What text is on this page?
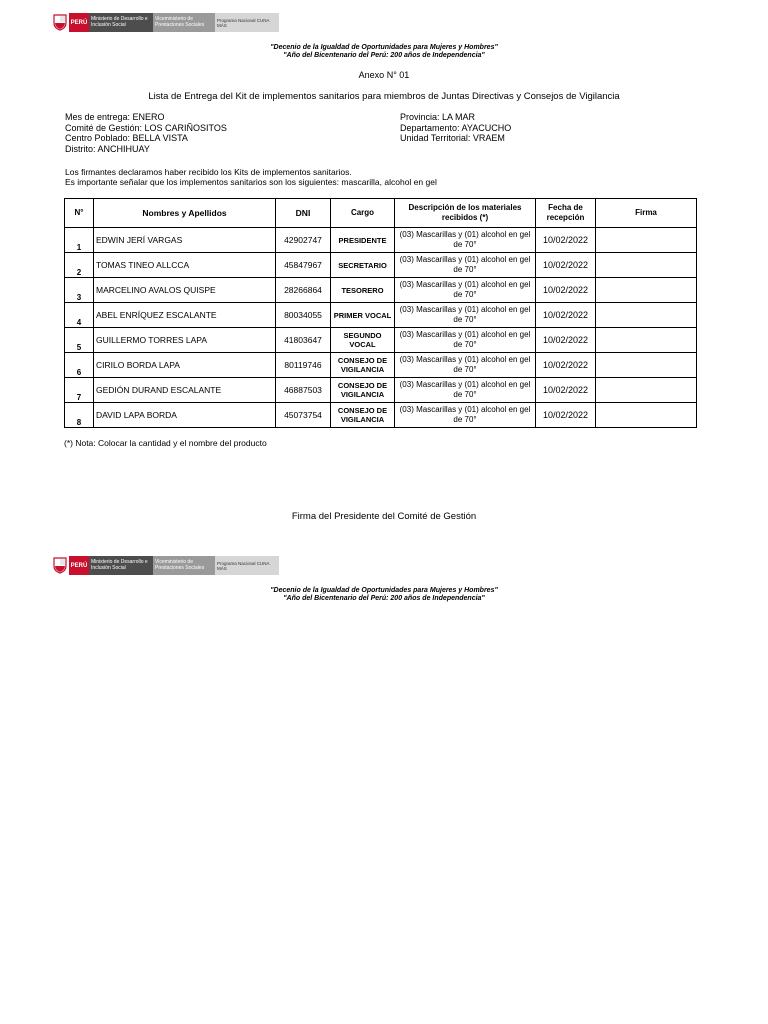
PERÚ
Ministerio de Desarrollo e Inclusión Social
Viceministerio de Prestaciones Sociales
Programa Nacional CUNA MÁS
"Decenio de la Igualdad de Oportunidades para Mujeres y Hombres"
"Año del Bicentenario del Perú: 200 años de Independencia"
Anexo N° 01
Lista de Entrega del Kit de implementos sanitarios para miembros de Juntas Directivas y Consejos de Vigilancia
Mes de entrega: ENERO
Comité de Gestión: LOS CARIÑOSITOS
Centro Poblado: BELLA VISTA
Distrito: ANCHIHUAY
Provincia: LA MAR
Departamento: AYACUCHO
Unidad Territorial: VRAEM
Los firmantes declaramos haber recibido los Kits de implementos sanitarios.
Es importante señalar que los implementos sanitarios son los siguientes: mascarilla, alcohol en gel
N°	Nombres y Apellidos	DNI	Cargo	Descripción de los materiales recibidos (*)	Fecha de recepción	Firma
1	EDWIN JERÍ VARGAS	42902747	PRESIDENTE	(03) Mascarillas y (01) alcohol en gel de 70°	10/02/2022	
2	TOMAS TINEO ALLCCA	45847967	SECRETARIO	(03) Mascarillas y (01) alcohol en gel de 70°	10/02/2022	
3	MARCELINO AVALOS QUISPE	28266864	TESORERO	(03) Mascarillas y (01) alcohol en gel de 70°	10/02/2022	
4	ABEL ENRÍQUEZ ESCALANTE	80034055	PRIMER VOCAL	(03) Mascarillas y (01) alcohol en gel de 70°	10/02/2022	
5	GUILLERMO TORRES LAPA	41803647	SEGUNDO VOCAL	(03) Mascarillas y (01) alcohol en gel de 70°	10/02/2022	
6	CIRILO BORDA LAPA	80119746	CONSEJO DE VIGILANCIA	(03) Mascarillas y (01) alcohol en gel de 70°	10/02/2022	
7	GEDIÓN DURAND ESCALANTE	46887503	CONSEJO DE VIGILANCIA	(03) Mascarillas y (01) alcohol en gel de 70°	10/02/2022	
8	DAVID LAPA BORDA	45073754	CONSEJO DE VIGILANCIA	(03) Mascarillas y (01) alcohol en gel de 70°	10/02/2022	
(*) Nota: Colocar la cantidad y el nombre del producto
Firma del Presidente del Comité de Gestión
PERÚ
Ministerio de Desarrollo e Inclusión Social
Viceministerio de Prestaciones Sociales
Programa Nacional CUNA MÁS
"Decenio de la Igualdad de Oportunidades para Mujeres y Hombres"
"Año del Bicentenario del Perú: 200 años de Independencia"
